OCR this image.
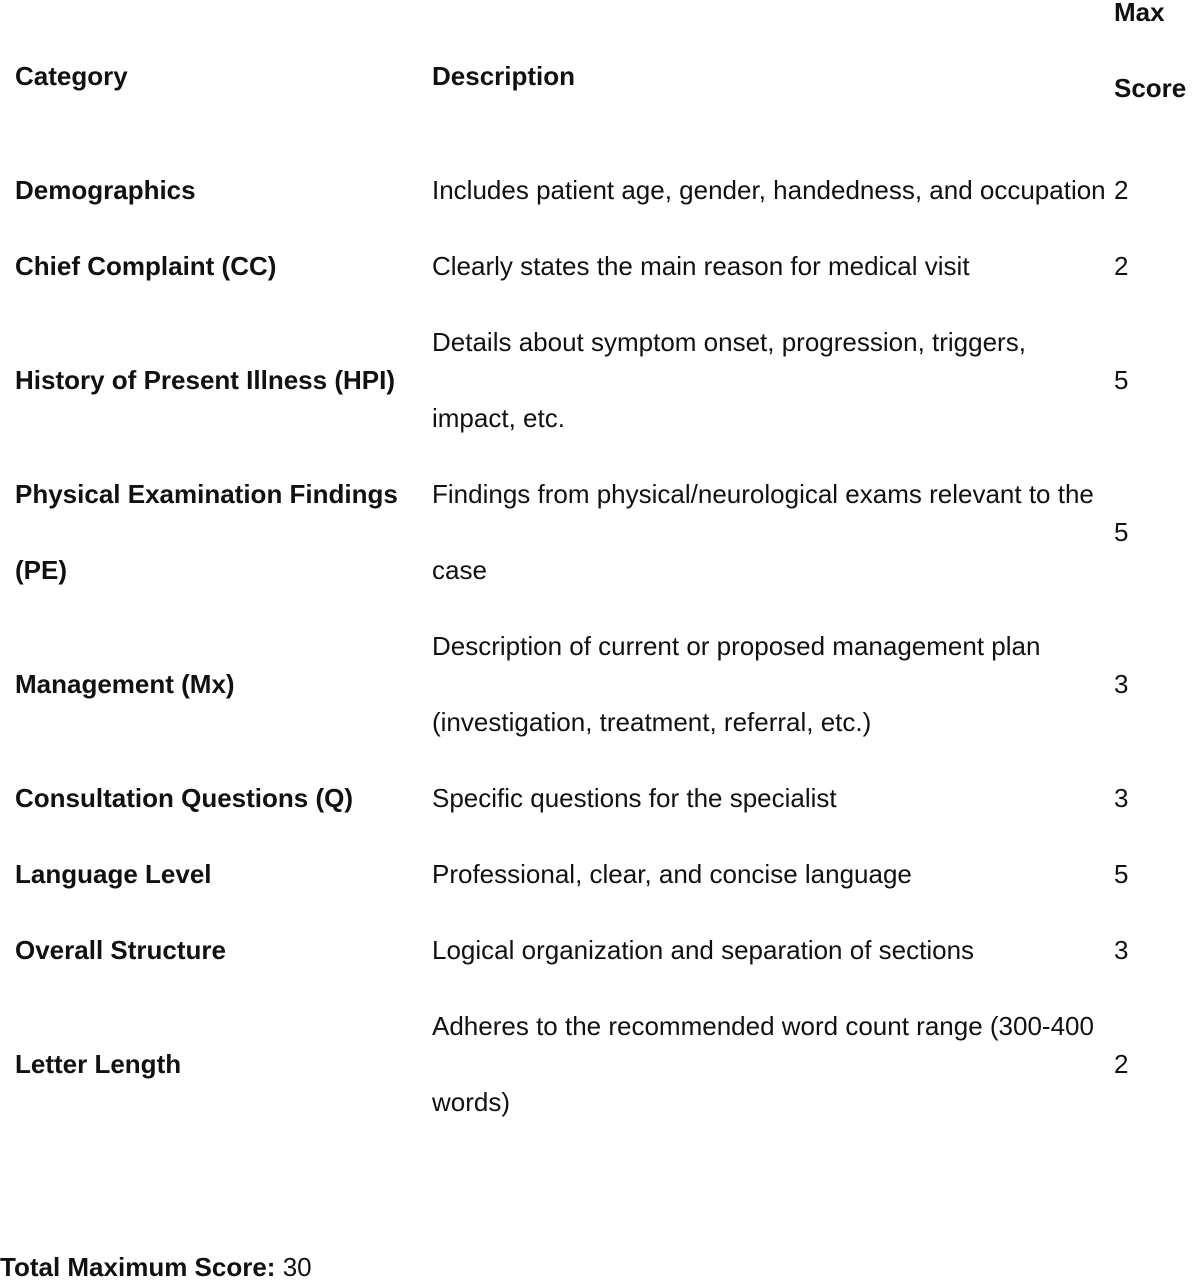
Category	Description	Max Score
Demographics	Includes patient age, gender, handedness, and occupation	2
Chief Complaint (CC)	Clearly states the main reason for medical visit	2
History of Present Illness (HPI)	Details about symptom onset, progression, triggers, impact, etc.	5
Physical Examination Findings (PE)	Findings from physical/neurological exams relevant to the case	5
Management (Mx)	Description of current or proposed management plan (investigation, treatment, referral, etc.)	3
Consultation Questions (Q)	Specific questions for the specialist	3
Language Level	Professional, clear, and concise language	5
Overall Structure	Logical organization and separation of sections	3
Letter Length	Adheres to the recommended word count range (300-400 words)	2

Total Maximum Score: 30
